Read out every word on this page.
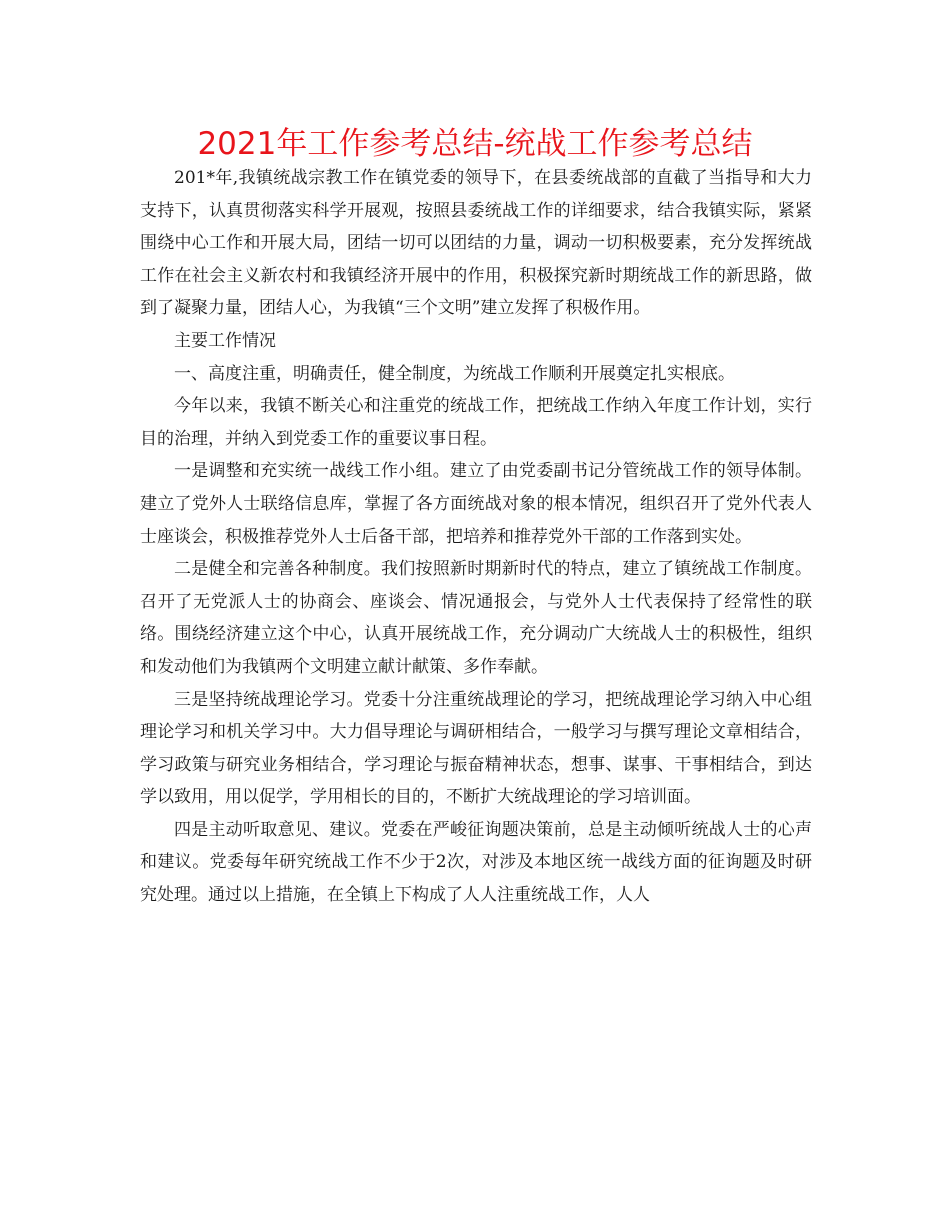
2021年工作参考总结-统战工作参考总结

201*年,我镇统战宗教工作在镇党委的领导下，在县委统战部的直截了当指导和大力支持下，认真贯彻落实科学开展观，按照县委统战工作的详细要求，结合我镇实际，紧紧围绕中心工作和开展大局，团结一切可以团结的力量，调动一切积极要素，充分发挥统战工作在社会主义新农村和我镇经济开展中的作用，积极探究新时期统战工作的新思路，做到了凝聚力量，团结人心，为我镇“三个文明”建立发挥了积极作用。

主要工作情况

一、高度注重，明确责任，健全制度，为统战工作顺利开展奠定扎实根底。

今年以来，我镇不断关心和注重党的统战工作，把统战工作纳入年度工作计划，实行目的治理，并纳入到党委工作的重要议事日程。

一是调整和充实统一战线工作小组。建立了由党委副书记分管统战工作的领导体制。建立了党外人士联络信息库，掌握了各方面统战对象的根本情况，组织召开了党外代表人士座谈会，积极推荐党外人士后备干部，把培养和推荐党外干部的工作落到实处。

二是健全和完善各种制度。我们按照新时期新时代的特点，建立了镇统战工作制度。召开了无党派人士的协商会、座谈会、情况通报会，与党外人士代表保持了经常性的联络。围绕经济建立这个中心，认真开展统战工作，充分调动广大统战人士的积极性，组织和发动他们为我镇两个文明建立献计献策、多作奉献。

三是坚持统战理论学习。党委十分注重统战理论的学习，把统战理论学习纳入中心组理论学习和机关学习中。大力倡导理论与调研相结合，一般学习与撰写理论文章相结合，学习政策与研究业务相结合，学习理论与振奋精神状态，想事、谋事、干事相结合，到达学以致用，用以促学，学用相长的目的，不断扩大统战理论的学习培训面。

四是主动听取意见、建议。党委在严峻征询题决策前，总是主动倾听统战人士的心声和建议。党委每年研究统战工作不少于2次，对涉及本地区统一战线方面的征询题及时研究处理。通过以上措施，在全镇上下构成了人人注重统战工作，人人
